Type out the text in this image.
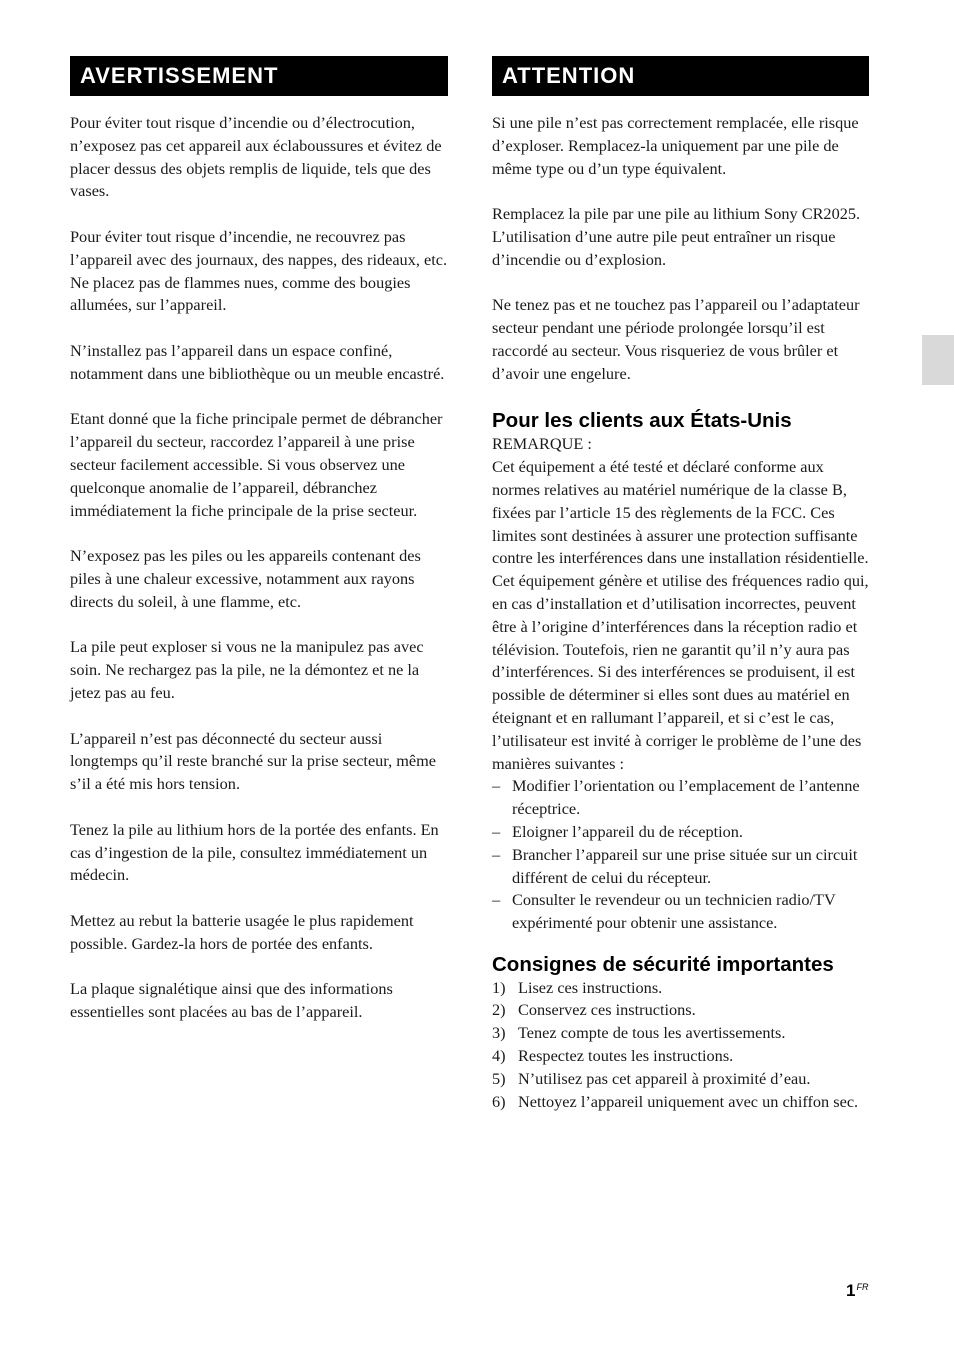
AVERTISSEMENT

Pour éviter tout risque d’incendie ou d’électrocution, n’exposez pas cet appareil aux éclaboussures et évitez de placer dessus des objets remplis de liquide, tels que des vases.

Pour éviter tout risque d’incendie, ne recouvrez pas l’appareil avec des journaux, des nappes, des rideaux, etc.

Ne placez pas de flammes nues, comme des bougies allumées, sur l’appareil.

N’installez pas l’appareil dans un espace confiné, notamment dans une bibliothèque ou un meuble encastré.

Etant donné que la fiche principale permet de débrancher l’appareil du secteur, raccordez l’appareil à une prise secteur facilement accessible. Si vous observez une quelconque anomalie de l’appareil, débranchez immédiatement la fiche principale de la prise secteur.

N’exposez pas les piles ou les appareils contenant des piles à une chaleur excessive, notamment aux rayons directs du soleil, à une flamme, etc.

La pile peut exploser si vous ne la manipulez pas avec soin. Ne rechargez pas la pile, ne la démontez et ne la jetez pas au feu.

L’appareil n’est pas déconnecté du secteur aussi longtemps qu’il reste branché sur la prise secteur, même s’il a été mis hors tension.

Tenez la pile au lithium hors de la portée des enfants. En cas d’ingestion de la pile, consultez immédiatement un médecin.

Mettez au rebut la batterie usagée le plus rapidement possible. Gardez-la hors de portée des enfants.

La plaque signalétique ainsi que des informations essentielles sont placées au bas de l’appareil.

ATTENTION

Si une pile n’est pas correctement remplacée, elle risque d’exploser. Remplacez-la uniquement par une pile de même type ou d’un type équivalent.

Remplacez la pile par une pile au lithium Sony CR2025.

L’utilisation d’une autre pile peut entraîner un risque d’incendie ou d’explosion.

Ne tenez pas et ne touchez pas l’appareil ou l’adaptateur secteur pendant une période prolongée lorsqu’il est raccordé au secteur. Vous risqueriez de vous brûler et d’avoir une engelure.

Pour les clients aux États-Unis

REMARQUE :

Cet équipement a été testé et déclaré conforme aux normes relatives au matériel numérique de la classe B, fixées par l’article 15 des règlements de la FCC. Ces limites sont destinées à assurer une protection suffisante contre les interférences dans une installation résidentielle. Cet équipement génère et utilise des fréquences radio qui, en cas d’installation et d’utilisation incorrectes, peuvent être à l’origine d’interférences dans la réception radio et télévision. Toutefois, rien ne garantit qu’il n’y aura pas d’interférences. Si des interférences se produisent, il est possible de déterminer si elles sont dues au matériel en éteignant et en rallumant l’appareil, et si c’est le cas, l’utilisateur est invité à corriger le problème de l’une des manières suivantes :

– Modifier l’orientation ou l’emplacement de l’antenne réceptrice.
– Eloigner l’appareil du de réception.
– Brancher l’appareil sur une prise située sur un circuit différent de celui du récepteur.
– Consulter le revendeur ou un technicien radio/TV expérimenté pour obtenir une assistance.
Consignes de sécurité importantes
1) Lisez ces instructions.
2) Conservez ces instructions.
3) Tenez compte de tous les avertissements.
4) Respectez toutes les instructions.
5) N’utilisez pas cet appareil à proximité d’eau.
6) Nettoyez l’appareil uniquement avec un chiffon sec.
$1^{FR}$
